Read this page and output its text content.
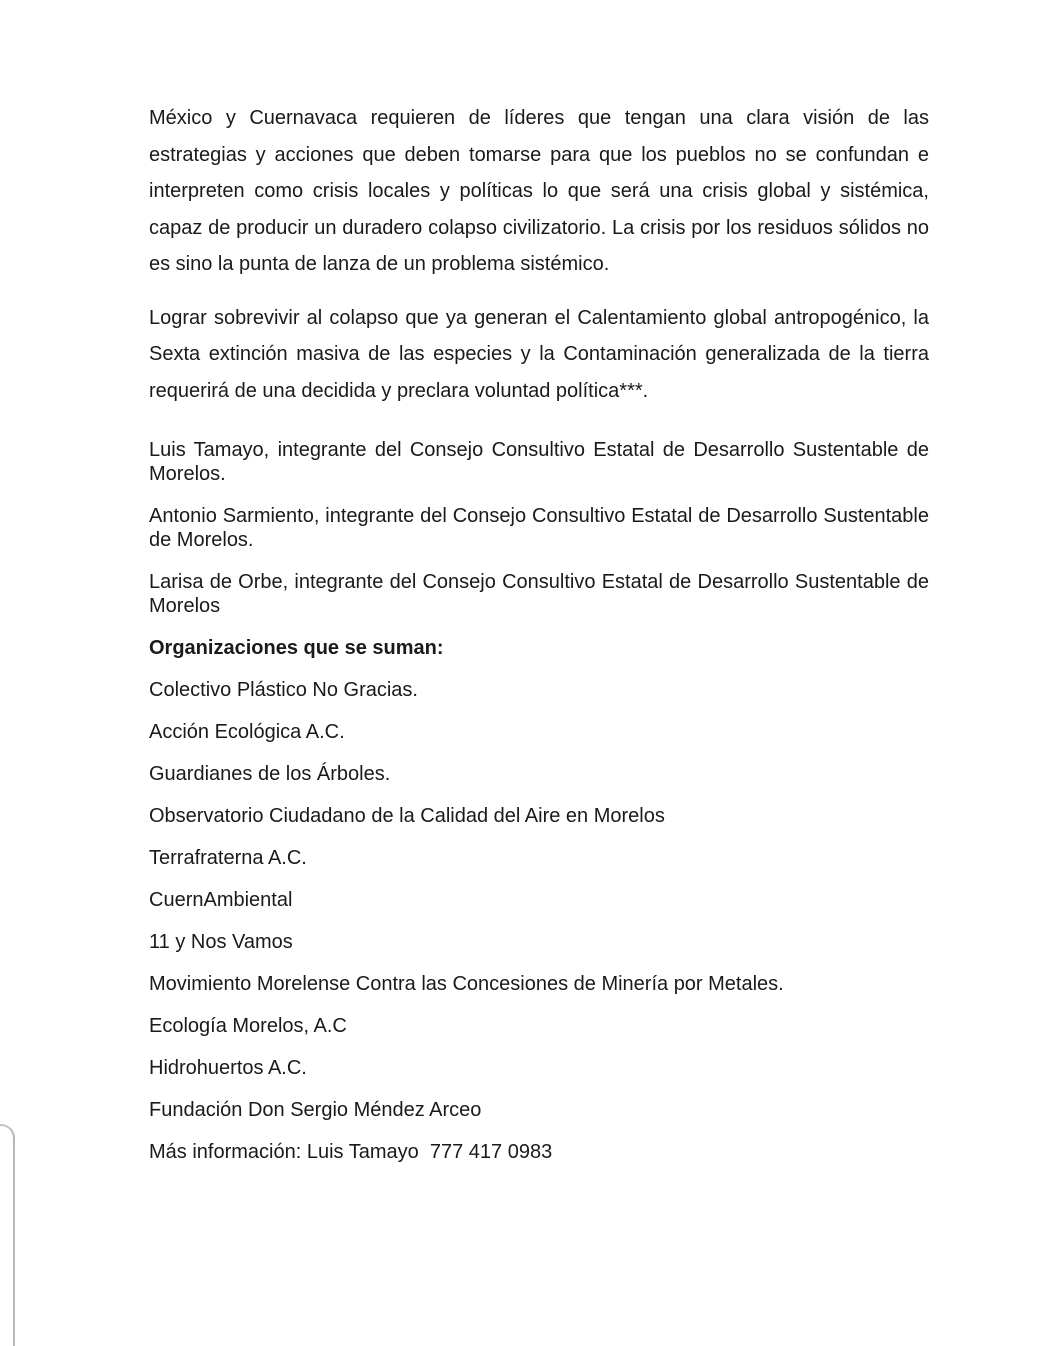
México y Cuernavaca requieren de líderes que tengan una clara visión de las estrategias y acciones que deben tomarse para que los pueblos no se confundan e interpreten como crisis locales y políticas lo que será una crisis global y sistémica, capaz de producir un duradero colapso civilizatorio. La crisis por los residuos sólidos no es sino la punta de lanza de un problema sistémico.

Lograr sobrevivir al colapso que ya generan el Calentamiento global antropogénico, la Sexta extinción masiva de las especies y la Contaminación generalizada de la tierra requerirá de una decidida y preclara voluntad política***.

Luis Tamayo, integrante del Consejo Consultivo Estatal de Desarrollo Sustentable de Morelos.

Antonio Sarmiento, integrante del Consejo Consultivo Estatal de Desarrollo Sustentable de Morelos.

Larisa de Orbe, integrante del Consejo Consultivo Estatal de Desarrollo Sustentable de Morelos

Organizaciones que se suman:

Colectivo Plástico No Gracias.
Acción Ecológica A.C.
Guardianes de los Árboles.
Observatorio Ciudadano de la Calidad del Aire en Morelos
Terrafraterna A.C.
CuernAmbiental
11 y Nos Vamos
Movimiento Morelense Contra las Concesiones de Minería por Metales.
Ecología Morelos, A.C
Hidrohuertos A.C.
Fundación Don Sergio Méndez Arceo
Más información: Luis Tamayo  777 417 0983
